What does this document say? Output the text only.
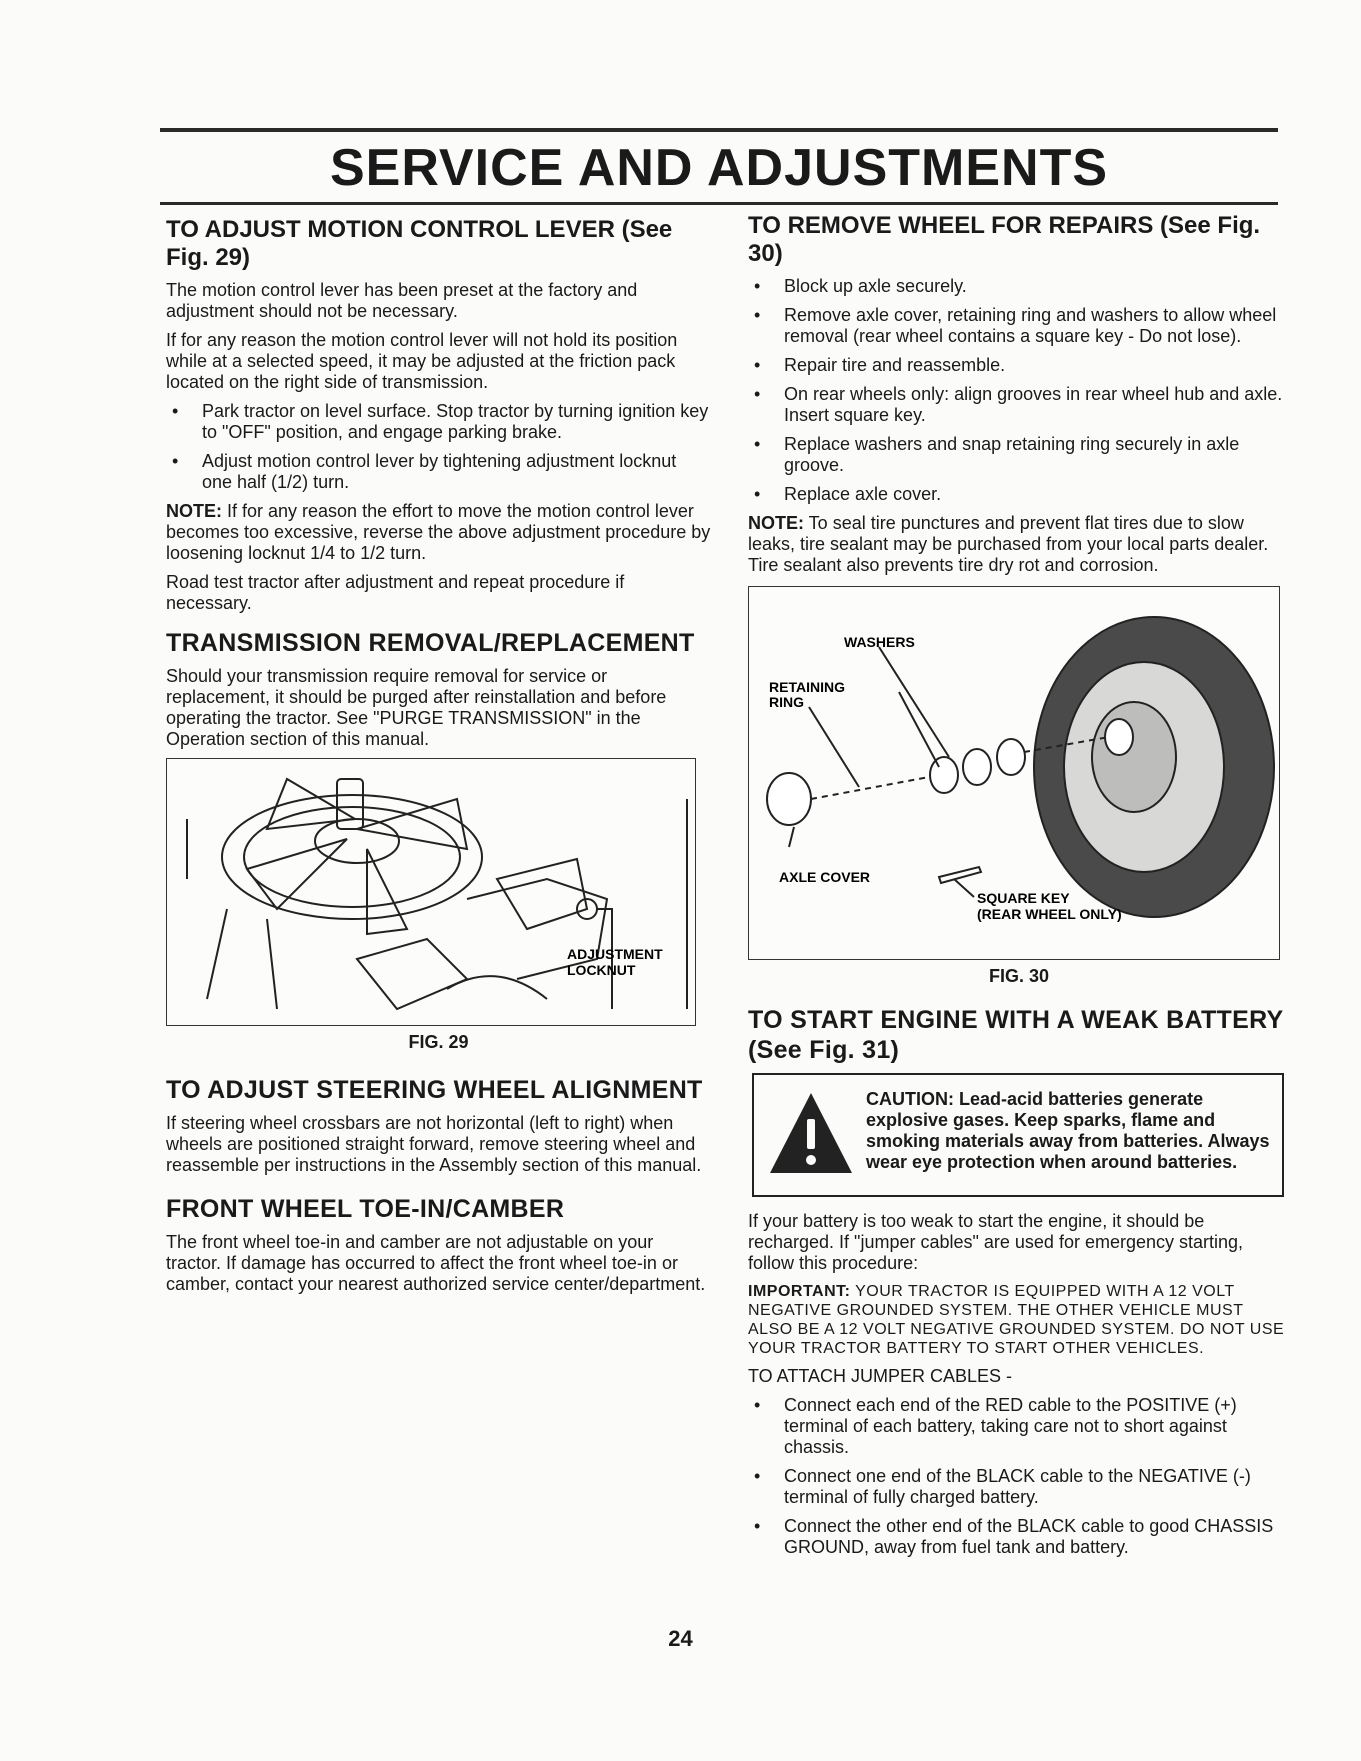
SERVICE AND ADJUSTMENTS
TO ADJUST MOTION CONTROL LEVER (See Fig. 29)

The motion control lever has been preset at the factory and adjustment should not be necessary.

If for any reason the motion control lever will not hold its position while at a selected speed, it may be adjusted at the friction pack located on the right side of transmission.

• Park tractor on level surface. Stop tractor by turning ignition key to "OFF" position, and engage parking brake.
• Adjust motion control lever by tightening adjustment locknut one half (1/2) turn.

NOTE: If for any reason the effort to move the motion control lever becomes too excessive, reverse the above adjustment procedure by loosening locknut 1/4 to 1/2 turn.

Road test tractor after adjustment and repeat procedure if necessary.

TRANSMISSION REMOVAL/REPLACEMENT

Should your transmission require removal for service or replacement, it should be purged after reinstallation and before operating the tractor. See "PURGE TRANSMISSION" in the Operation section of this manual.

ADJUSTMENT
LOCKNUT
FIG. 29
TO ADJUST STEERING WHEEL ALIGNMENT

If steering wheel crossbars are not horizontal (left to right) when wheels are positioned straight forward, remove steering wheel and reassemble per instructions in the Assembly section of this manual.

FRONT WHEEL TOE-IN/CAMBER

The front wheel toe-in and camber are not adjustable on your tractor. If damage has occurred to affect the front wheel toe-in or camber, contact your nearest authorized service center/department.

TO REMOVE WHEEL FOR REPAIRS (See Fig. 30)
• Block up axle securely.
• Remove axle cover, retaining ring and washers to allow wheel removal (rear wheel contains a square key - Do not lose).
• Repair tire and reassemble.
• On rear wheels only: align grooves in rear wheel hub and axle. Insert square key.
• Replace washers and snap retaining ring securely in axle groove.
• Replace axle cover.

NOTE: To seal tire punctures and prevent flat tires due to slow leaks, tire sealant may be purchased from your local parts dealer. Tire sealant also prevents tire dry rot and corrosion.

WASHERS
RETAINING
RING
AXLE COVER
SQUARE KEY
(REAR WHEEL ONLY)
FIG. 30
TO START ENGINE WITH A WEAK BATTERY (See Fig. 31)
CAUTION: Lead-acid batteries generate explosive gases. Keep sparks, flame and smoking materials away from batteries. Always wear eye protection when around batteries.

If your battery is too weak to start the engine, it should be recharged. If "jumper cables" are used for emergency starting, follow this procedure:

IMPORTANT: YOUR TRACTOR IS EQUIPPED WITH A 12 VOLT NEGATIVE GROUNDED SYSTEM. THE OTHER VEHICLE MUST ALSO BE A 12 VOLT NEGATIVE GROUNDED SYSTEM. DO NOT USE YOUR TRACTOR BATTERY TO START OTHER VEHICLES.

TO ATTACH JUMPER CABLES -

• Connect each end of the RED cable to the POSITIVE (+) terminal of each battery, taking care not to short against chassis.
• Connect one end of the BLACK cable to the NEGATIVE (-) terminal of fully charged battery.
• Connect the other end of the BLACK cable to good CHASSIS GROUND, away from fuel tank and battery.
24
